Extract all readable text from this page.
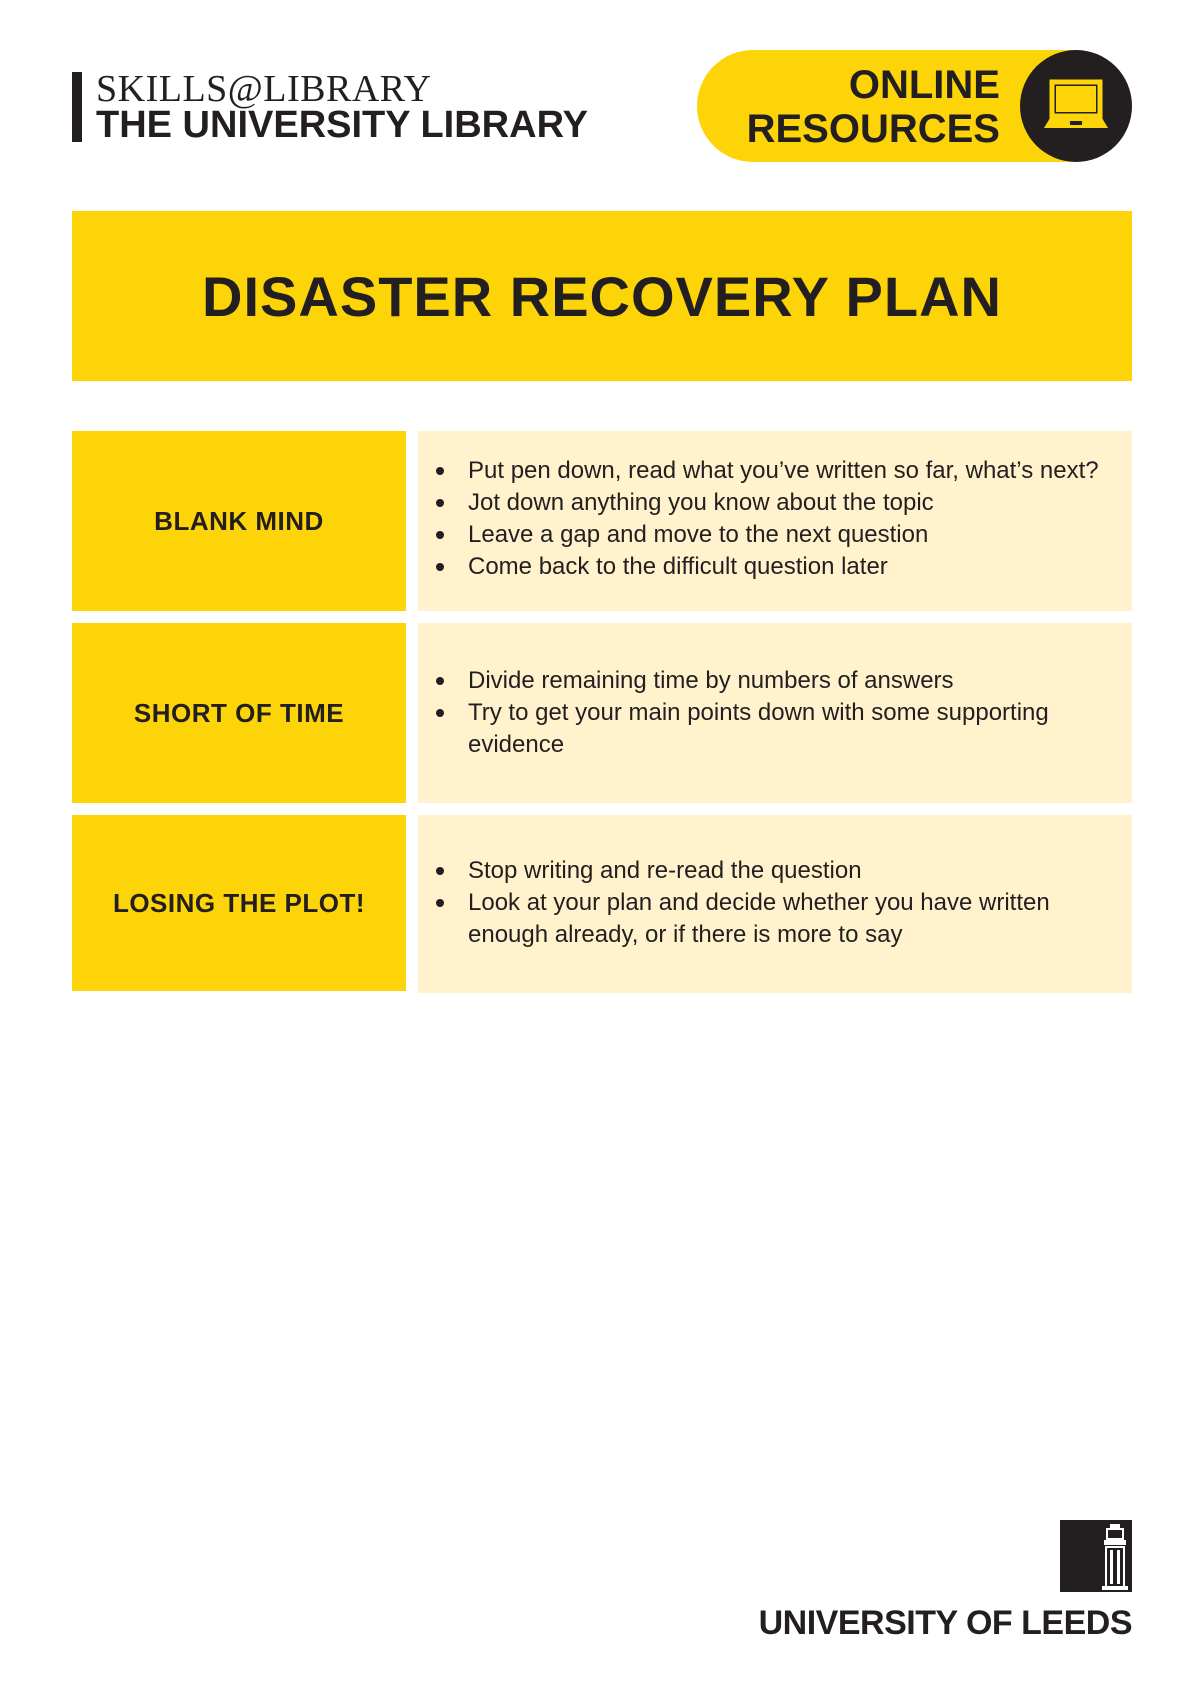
SKILLS@LIBRARY
THE UNIVERSITY LIBRARY
ONLINE
RESOURCES
DISASTER RECOVERY PLAN
BLANK MIND
Put pen down, read what you’ve written so far, what’s next?
Jot down anything you know about the topic
Leave a gap and move to the next question
Come back to the difficult question later
SHORT OF TIME
Divide remaining time by numbers of answers
Try to get your main points down with some supporting evidence
LOSING THE PLOT!
Stop writing and re-read the question
Look at your plan and decide whether you have written enough already, or if there is more to say
UNIVERSITY OF LEEDS
